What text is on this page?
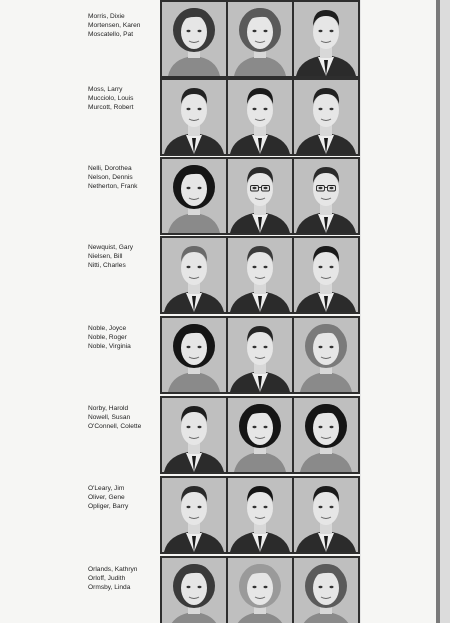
Morris, Dixie
Mortensen, Karen
Moscatello, Pat
Moss, Larry
Mucciolo, Louis
Murcott, Robert
Nelli, Dorothea
Nelson, Dennis
Netherton, Frank
Newquist, Gary
Nielsen, Bill
Nitti, Charles
Noble, Joyce
Noble, Roger
Noble, Virginia
Norby, Harold
Nowell, Susan
O'Connell, Colette
O'Leary, Jim
Oliver, Gene
Opliger, Barry
Orlands, Kathryn
Orloff, Judith
Ormsby, Linda
